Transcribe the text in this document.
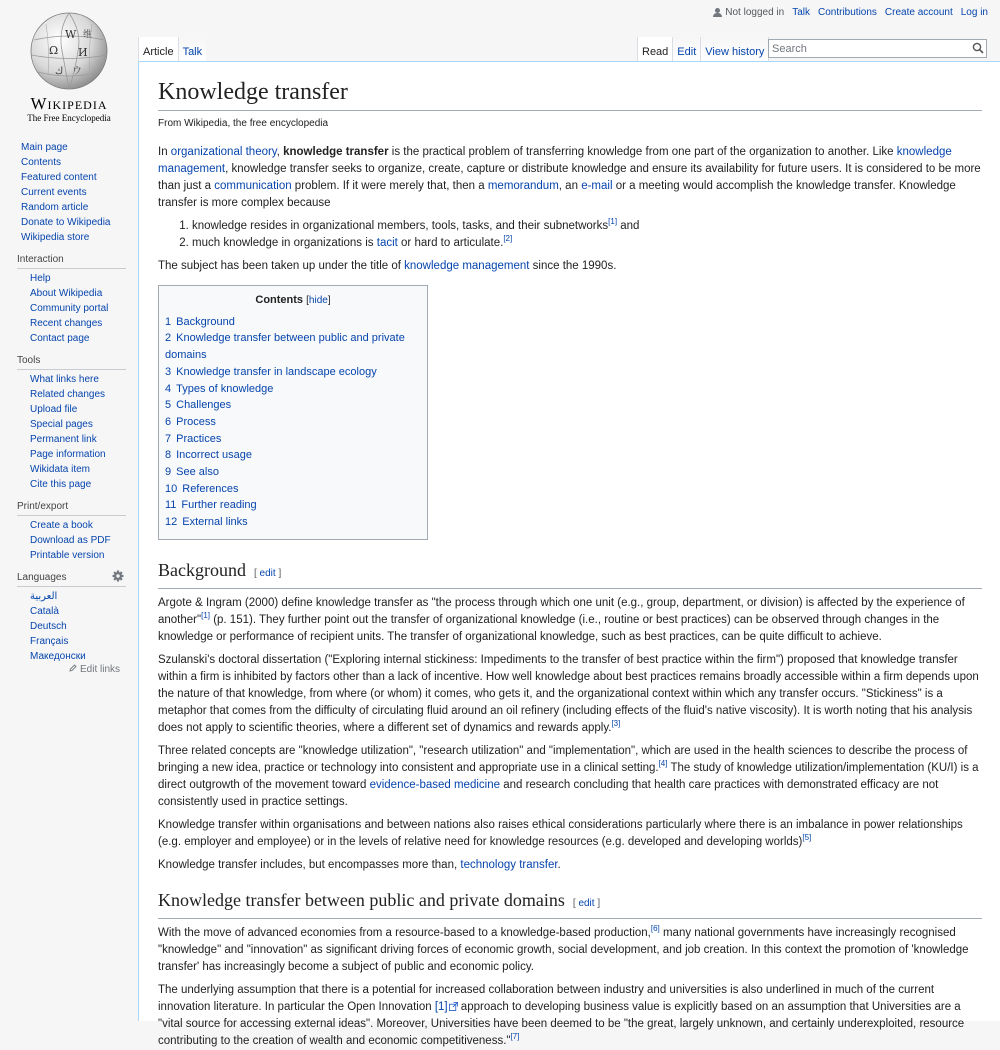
Not logged in Talk Contributions Create account Log in
W
Ω И
ك ウ
维
Wikipedia
The Free Encyclopedia
Article Talk	Read Edit View history
Search
Main page
Contents
Featured content
Current events
Random article
Donate to Wikipedia
Wikipedia store
Interaction
Help
About Wikipedia
Community portal
Recent changes
Contact page
Tools
What links here
Related changes
Upload file
Special pages
Permanent link
Page information
Wikidata item
Cite this page
Print/export
Create a book
Download as PDF
Printable version
Languages
العربية
Català
Deutsch
Français
Македонски
Edit links
Knowledge transfer
From Wikipedia, the free encyclopedia

In organizational theory, knowledge transfer is the practical problem of transferring knowledge from one part of the organization to another. Like knowledge management, knowledge transfer seeks to organize, create, capture or distribute knowledge and ensure its availability for future users. It is considered to be more than just a communication problem. If it were merely that, then a memorandum, an e-mail or a meeting would accomplish the knowledge transfer. Knowledge transfer is more complex because

1. knowledge resides in organizational members, tools, tasks, and their subnetworks[1] and
2. much knowledge in organizations is tacit or hard to articulate.[2]

The subject has been taken up under the title of knowledge management since the 1990s.

Contents [hide]
1 Background
2 Knowledge transfer between public and private domains
3 Knowledge transfer in landscape ecology
4 Types of knowledge
5 Challenges
6 Process
7 Practices
8 Incorrect usage
9 See also
10 References
11 Further reading
12 External links
Background [ edit ]

Argote & Ingram (2000) define knowledge transfer as "the process through which one unit (e.g., group, department, or division) is affected by the experience of another"[1] (p. 151). They further point out the transfer of organizational knowledge (i.e., routine or best practices) can be observed through changes in the knowledge or performance of recipient units. The transfer of organizational knowledge, such as best practices, can be quite difficult to achieve.

Szulanski's doctoral dissertation ("Exploring internal stickiness: Impediments to the transfer of best practice within the firm") proposed that knowledge transfer within a firm is inhibited by factors other than a lack of incentive. How well knowledge about best practices remains broadly accessible within a firm depends upon the nature of that knowledge, from where (or whom) it comes, who gets it, and the organizational context within which any transfer occurs. "Stickiness" is a metaphor that comes from the difficulty of circulating fluid around an oil refinery (including effects of the fluid's native viscosity). It is worth noting that his analysis does not apply to scientific theories, where a different set of dynamics and rewards apply.[3]

Three related concepts are "knowledge utilization", "research utilization" and "implementation", which are used in the health sciences to describe the process of bringing a new idea, practice or technology into consistent and appropriate use in a clinical setting.[4] The study of knowledge utilization/implementation (KU/I) is a direct outgrowth of the movement toward evidence-based medicine and research concluding that health care practices with demonstrated efficacy are not consistently used in practice settings.

Knowledge transfer within organisations and between nations also raises ethical considerations particularly where there is an imbalance in power relationships (e.g. employer and employee) or in the levels of relative need for knowledge resources (e.g. developed and developing worlds)[5]

Knowledge transfer includes, but encompasses more than, technology transfer.

Knowledge transfer between public and private domains [ edit ]

With the move of advanced economies from a resource-based to a knowledge-based production,[6] many national governments have increasingly recognised "knowledge" and "innovation" as significant driving forces of economic growth, social development, and job creation. In this context the promotion of 'knowledge transfer' has increasingly become a subject of public and economic policy.

The underlying assumption that there is a potential for increased collaboration between industry and universities is also underlined in much of the current innovation literature. In particular the Open Innovation [1] approach to developing business value is explicitly based on an assumption that Universities are a "vital source for accessing external ideas". Moreover, Universities have been deemed to be "the great, largely unknown, and certainly underexploited, resource contributing to the creation of wealth and economic competitiveness."[7]
